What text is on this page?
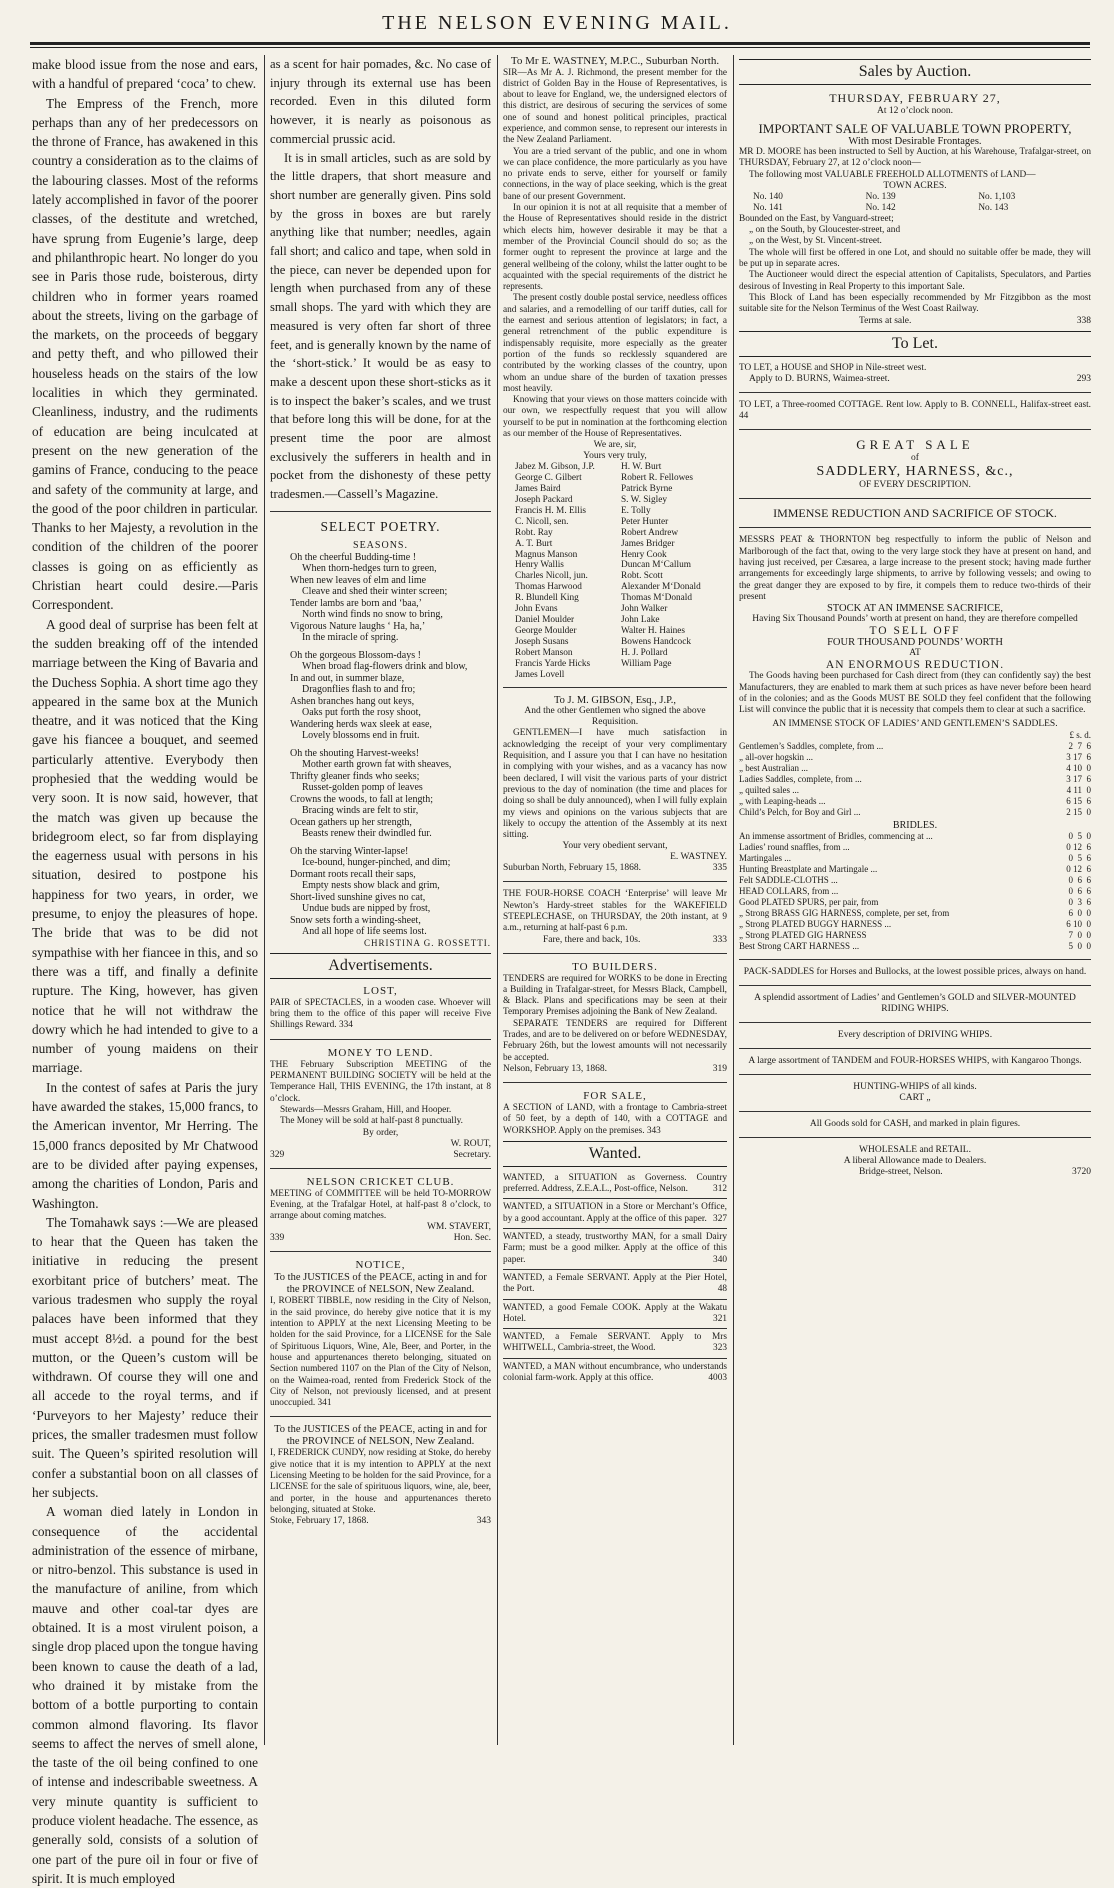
THE NELSON EVENING MAIL.

make blood issue from the nose and ears, with a handful of prepared ‘coca’ to chew.

The Empress of the French, more perhaps than any of her predecessors on the throne of France, has awakened in this country a consideration as to the claims of the labouring classes. Most of the reforms lately accomplished in favor of the poorer classes, of the destitute and wretched, have sprung from Eugenie’s large, deep and philanthropic heart. No longer do you see in Paris those rude, boisterous, dirty children who in former years roamed about the streets, living on the garbage of the markets, on the proceeds of beggary and petty theft, and who pillowed their houseless heads on the stairs of the low localities in which they germinated. Cleanliness, industry, and the rudiments of education are being inculcated at present on the new generation of the gamins of France, conducing to the peace and safety of the community at large, and the good of the poor children in particular. Thanks to her Majesty, a revolution in the condition of the children of the poorer classes is going on as efficiently as Christian heart could desire.—Paris Correspondent.

A good deal of surprise has been felt at the sudden breaking off of the intended marriage between the King of Bavaria and the Duchess Sophia. A short time ago they appeared in the same box at the Munich theatre, and it was noticed that the King gave his fiancee a bouquet, and seemed particularly attentive. Everybody then prophesied that the wedding would be very soon. It is now said, however, that the match was given up because the bridegroom elect, so far from displaying the eagerness usual with persons in his situation, desired to postpone his happiness for two years, in order, we presume, to enjoy the pleasures of hope. The bride that was to be did not sympathise with her fiancee in this, and so there was a tiff, and finally a definite rupture. The King, however, has given notice that he will not withdraw the dowry which he had intended to give to a number of young maidens on their marriage.

In the contest of safes at Paris the jury have awarded the stakes, 15,000 francs, to the American inventor, Mr Herring. The 15,000 francs deposited by Mr Chatwood are to be divided after paying expenses, among the charities of London, Paris and Washington.

The Tomahawk says :—We are pleased to hear that the Queen has taken the initiative in reducing the present exorbitant price of butchers’ meat. The various tradesmen who supply the royal palaces have been informed that they must accept 8½d. a pound for the best mutton, or the Queen’s custom will be withdrawn. Of course they will one and all accede to the royal terms, and if ‘Purveyors to her Majesty’ reduce their prices, the smaller tradesmen must follow suit. The Queen’s spirited resolution will confer a substantial boon on all classes of her subjects.

A woman died lately in London in consequence of the accidental administration of the essence of mirbane, or nitro-benzol. This substance is used in the manufacture of aniline, from which mauve and other coal-tar dyes are obtained. It is a most virulent poison, a single drop placed upon the tongue having been known to cause the death of a lad, who drained it by mistake from the bottom of a bottle purporting to contain common almond flavoring. Its flavor seems to affect the nerves of smell alone, the taste of the oil being confined to one of intense and indescribable sweetness. A very minute quantity is sufficient to produce violent headache. The essence, as generally sold, consists of a solution of one part of the pure oil in four or five of spirit. It is much employed

as a scent for hair pomades, &c. No case of injury through its external use has been recorded. Even in this diluted form however, it is nearly as poisonous as commercial prussic acid.

It is in small articles, such as are sold by the little drapers, that short measure and short number are generally given. Pins sold by the gross in boxes are but rarely anything like that number; needles, again fall short; and calico and tape, when sold in the piece, can never be depended upon for length when purchased from any of these small shops. The yard with which they are measured is very often far short of three feet, and is generally known by the name of the ‘short-stick.’ It would be as easy to make a descent upon these short-sticks as it is to inspect the baker’s scales, and we trust that before long this will be done, for at the present time the poor are almost exclusively the sufferers in health and in pocket from the dishonesty of these petty tradesmen.—Cassell’s Magazine.

SELECT POETRY.
SEASONS.
Oh the cheerful Budding-time !
When thorn-hedges turn to green,
When new leaves of elm and lime
Cleave and shed their winter screen;
Tender lambs are born and ‘baa,’
North wind finds no snow to bring,
Vigorous Nature laughs ‘ Ha, ha,’
In the miracle of spring.
Oh the gorgeous Blossom-days !
When broad flag-flowers drink and blow,
In and out, in summer blaze,
Dragonflies flash to and fro;
Ashen branches hang out keys,
Oaks put forth the rosy shoot,
Wandering herds wax sleek at ease,
Lovely blossoms end in fruit.
Oh the shouting Harvest-weeks!
Mother earth grown fat with sheaves,
Thrifty gleaner finds who seeks;
Russet-golden pomp of leaves
Crowns the woods, to fall at length;
Bracing winds are felt to stir,
Ocean gathers up her strength,
Beasts renew their dwindled fur.
Oh the starving Winter-lapse!
Ice-bound, hunger-pinched, and dim;
Dormant roots recall their saps,
Empty nests show black and grim,
Short-lived sunshine gives no cat,
Undue buds are nipped by frost,
Snow sets forth a winding-sheet,
And all hope of life seems lost.
CHRISTINA G. ROSSETTI.
Advertisements.
LOST,

PAIR of SPECTACLES, in a wooden case. Whoever will bring them to the office of this paper will receive Five Shillings Reward. 334

MONEY TO LEND.

THE February Subscription MEETING of the PERMANENT BUILDING SOCIETY will be held at the Temperance Hall, THIS EVENING, the 17th instant, at 8 o’clock.

Stewards—Messrs Graham, Hill, and Hooper.

The Money will be sold at half-past 8 punctually.

By order,
W. ROUT,
329	Secretary.
NELSON CRICKET CLUB.

MEETING of COMMITTEE will be held TO-MORROW Evening, at the Trafalgar Hotel, at half-past 8 o’clock, to arrange about coming matches.

WM. STAVERT,
339	Hon. Sec.
NOTICE,
To the JUSTICES of the PEACE, acting in and for the PROVINCE of NELSON, New Zealand.

I, ROBERT TIBBLE, now residing in the City of Nelson, in the said province, do hereby give notice that it is my intention to APPLY at the next Licensing Meeting to be holden for the said Province, for a LICENSE for the Sale of Spirituous Liquors, Wine, Ale, Beer, and Porter, in the house and appurtenances thereto belonging, situated on Section numbered 1107 on the Plan of the City of Nelson, on the Waimea-road, rented from Frederick Stock of the City of Nelson, not previously licensed, and at present unoccupied. 341

To the JUSTICES of the PEACE, acting in and for the PROVINCE of NELSON, New Zealand.

I, FREDERICK CUNDY, now residing at Stoke, do hereby give notice that it is my intention to APPLY at the next Licensing Meeting to be holden for the said Province, for a LICENSE for the sale of spirituous liquors, wine, ale, beer, and porter, in the house and appurtenances thereto belonging, situated at Stoke.

Stoke, February 17, 1868.	343
To Mr E. WASTNEY, M.P.C., Suburban North.

SIR—As Mr A. J. Richmond, the present member for the district of Golden Bay in the House of Representatives, is about to leave for England, we, the undersigned electors of this district, are desirous of securing the services of some one of sound and honest political principles, practical experience, and common sense, to represent our interests in the New Zealand Parliament.

You are a tried servant of the public, and one in whom we can place confidence, the more particularly as you have no private ends to serve, either for yourself or family connections, in the way of place seeking, which is the great bane of our present Government.

In our opinion it is not at all requisite that a member of the House of Representatives should reside in the district which elects him, however desirable it may be that a member of the Provincial Council should do so; as the former ought to represent the province at large and the general wellbeing of the colony, whilst the latter ought to be acquainted with the special requirements of the district he represents.

The present costly double postal service, needless offices and salaries, and a remodelling of our tariff duties, call for the earnest and serious attention of legislators; in fact, a general retrenchment of the public expenditure is indispensably requisite, more especially as the greater portion of the funds so recklessly squandered are contributed by the working classes of the country, upon whom an undue share of the burden of taxation presses most heavily.

Knowing that your views on those matters coincide with our own, we respectfully request that you will allow yourself to be put in nomination at the forthcoming election as our member of the House of Representatives.

We are, sir,
Yours very truly,
Jabez M. Gibson, J.P.	H. W. Burt
George C. Gilbert	Robert R. Fellowes
James Baird	Patrick Byrne
Joseph Packard	S. W. Sigley
Francis H. M. Ellis	E. Tolly
C. Nicoll, sen.	Peter Hunter
Robt. Ray	Robert Andrew
A. T. Burt	James Bridger
Magnus Manson	Henry Cook
Henry Wallis	Duncan M‘Callum
Charles Nicoll, jun.	Robt. Scott
Thomas Harwood	Alexander M‘Donald
R. Blundell King	Thomas M‘Donald
John Evans	John Walker
Daniel Moulder	John Lake
George Moulder	Walter H. Haines
Joseph Susans	Bowens Handcock
Robert Manson	H. J. Pollard
Francis Yarde Hicks	William Page
James Lovell
To J. M. GIBSON, Esq., J.P.,
And the other Gentlemen who signed the above Requisition.

GENTLEMEN—I have much satisfaction in acknowledging the receipt of your very complimentary Requisition, and I assure you that I can have no hesitation in complying with your wishes, and as a vacancy has now been declared, I will visit the various parts of your district previous to the day of nomination (the time and places for doing so shall be duly announced), when I will fully explain my views and opinions on the various subjects that are likely to occupy the attention of the Assembly at its next sitting.

Your very obedient servant,
E. WASTNEY.
Suburban North, February 15, 1868.	335

THE FOUR-HORSE COACH ‘Enterprise’ will leave Mr Newton’s Hardy-street stables for the WAKEFIELD STEEPLECHASE, on THURSDAY, the 20th instant, at 9 a.m., returning at half-past 6 p.m.

Fare, there and back, 10s.	333
TO BUILDERS.

TENDERS are required for WORKS to be done in Erecting a Building in Trafalgar-street, for Messrs Black, Campbell, & Black. Plans and specifications may be seen at their Temporary Premises adjoining the Bank of New Zealand.

SEPARATE TENDERS are required for Different Trades, and are to be delivered on or before WEDNESDAY, February 26th, but the lowest amounts will not necessarily be accepted.

Nelson, February 13, 1868.	319
FOR SALE,

A SECTION of LAND, with a frontage to Cambria-street of 50 feet, by a depth of 140, with a COTTAGE and WORKSHOP. Apply on the premises. 343

Wanted.

WANTED, a SITUATION as Governess. Country preferred. Address, Z.E.A.L., Post-office, Nelson.	312

WANTED, a SITUATION in a Store or Merchant’s Office, by a good accountant. Apply at the office of this paper. 327

WANTED, a steady, trustworthy MAN, for a small Dairy Farm; must be a good milker. Apply at the office of this paper.	340

WANTED, a Female SERVANT. Apply at the Pier Hotel, the Port.	48

WANTED, a good Female COOK. Apply at the Wakatu Hotel.	321

WANTED, a Female SERVANT. Apply to Mrs WHITWELL, Cambria-street, the Wood.	323

WANTED, a MAN without encumbrance, who understands colonial farm-work. Apply at this office.	4003

Sales by Auction.
THURSDAY, FEBRUARY 27,
At 12 o’clock noon.
IMPORTANT SALE OF VALUABLE TOWN PROPERTY,
With most Desirable Frontages.

MR D. MOORE has been instructed to Sell by Auction, at his Warehouse, Trafalgar-street, on THURSDAY, February 27, at 12 o’clock noon—

The following most VALUABLE FREEHOLD ALLOTMENTS of LAND—

TOWN ACRES.
No. 140	No. 139	No. 1,103
No. 141	No. 142	No. 143

Bounded on the East, by Vanguard-street;

„ on the South, by Gloucester-street, and

„ on the West, by St. Vincent-street.

The whole will first be offered in one Lot, and should no suitable offer be made, they will be put up in separate acres.

The Auctioneer would direct the especial attention of Capitalists, Speculators, and Parties desirous of Investing in Real Property to this important Sale.

This Block of Land has been especially recommended by Mr Fitzgibbon as the most suitable site for the Nelson Terminus of the West Coast Railway.

Terms at sale.	338
To Let.

TO LET, a HOUSE and SHOP in Nile-street west.

Apply to D. BURNS, Waimea-street.	293

TO LET, a Three-roomed COTTAGE. Rent low. Apply to B. CONNELL, Halifax-street east. 44

GREAT SALE
of
SADDLERY, HARNESS, &c.,
OF EVERY DESCRIPTION.
IMMENSE REDUCTION AND SACRIFICE OF STOCK.

MESSRS PEAT & THORNTON beg respectfully to inform the public of Nelson and Marlborough of the fact that, owing to the very large stock they have at present on hand, and having just received, per Cæsarea, a large increase to the present stock; having made further arrangements for exceedingly large shipments, to arrive by following vessels; and owing to the great danger they are exposed to by fire, it compels them to reduce two-thirds of their present

STOCK AT AN IMMENSE SACRIFICE,
Having Six Thousand Pounds’ worth at present on hand, they are therefore compelled
TO SELL OFF
FOUR THOUSAND POUNDS’ WORTH
AT
AN ENORMOUS REDUCTION.

The Goods having been purchased for Cash direct from (they can confidently say) the best Manufacturers, they are enabled to mark them at such prices as have never before been heard of in the colonies; and as the Goods MUST BE SOLD they feel confident that the following List will convince the public that it is necessity that compels them to clear at such a sacrifice.

AN IMMENSE STOCK OF LADIES’ AND GENTLEMEN’S SADDLES.
£ s. d.
Gentlemen’s Saddles, complete, from ...	2  7  6
„ all-over hogskin ...	3 17  6
„ best Australian ...	4 10  0
Ladies Saddles, complete, from ...	3 17  6
„ quilted sales ...	4 11  0
„ with Leaping-heads ...	6 15  6
Child’s Pelch, for Boy and Girl ...	2 15  0
BRIDLES.
An immense assortment of Bridles, commencing at ...	0  5  0
Ladies’ round snaffles, from ...	0 12  6
Martingales ...	0  5  6
Hunting Breastplate and Martingale ...	0 12  6
Felt SADDLE-CLOTHS ...	0  6  6
HEAD COLLARS, from ...	0  6  6
Good PLATED SPURS, per pair, from	0  3  6
„ Strong BRASS GIG HARNESS, complete, per set, from	6  0  0
„ Strong PLATED BUGGY HARNESS ...	6 10  0
„ Strong PLATED GIG HARNESS	7  0  0
Best Strong CART HARNESS ...	5  0  0
PACK-SADDLES for Horses and Bullocks, at the lowest possible prices, always on hand.
A splendid assortment of Ladies’ and Gentlemen’s GOLD and SILVER-MOUNTED RIDING WHIPS.
Every description of DRIVING WHIPS.
A large assortment of TANDEM and FOUR-HORSES WHIPS, with Kangaroo Thongs.
HUNTING-WHIPS of all kinds.
CART „
All Goods sold for CASH, and marked in plain figures.
WHOLESALE and RETAIL.
A liberal Allowance made to Dealers.
Bridge-street, Nelson.	3720
